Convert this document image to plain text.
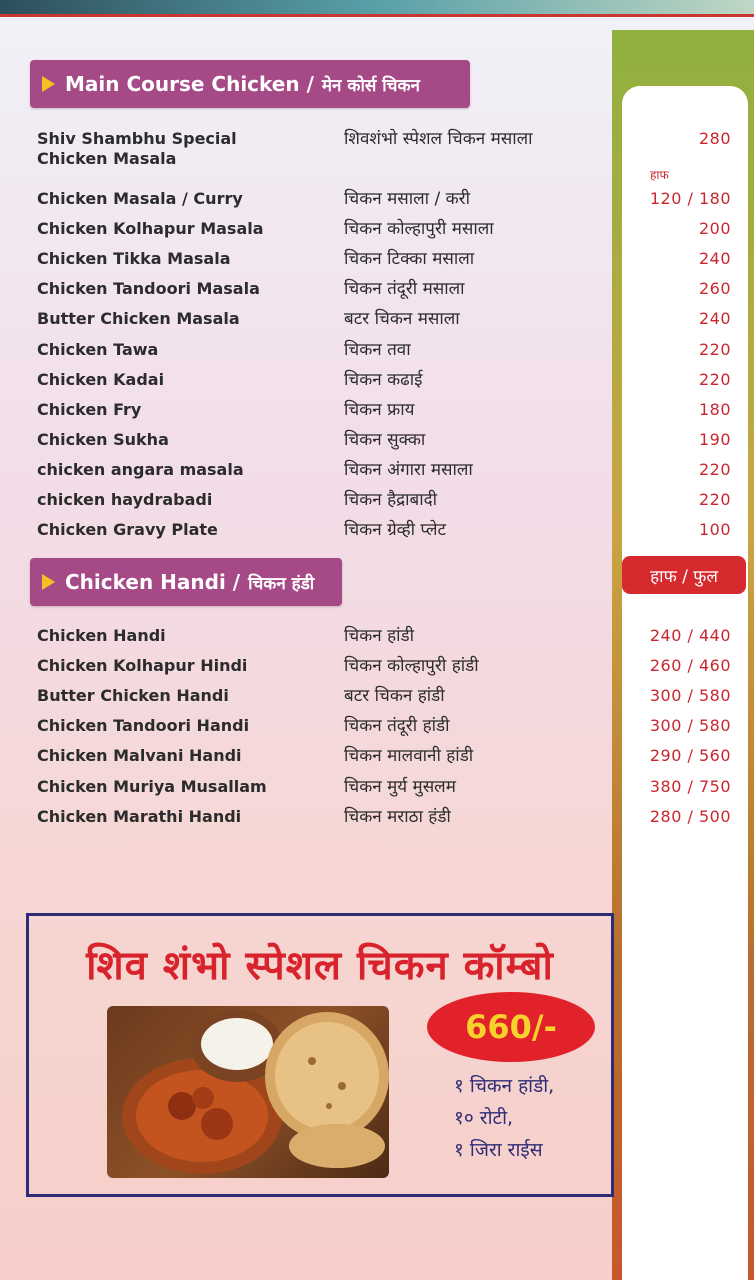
Main Course Chicken / मेन कोर्स चिकन
हाफ
Shiv Shambhu Special
Chicken Masala
शिवशंभो स्पेशल चिकन मसाला	280
Chicken Masala / Curry	चिकन मसाला / करी	120 / 180
Chicken Kolhapur Masala	चिकन कोल्हापुरी मसाला	200
Chicken Tikka Masala	चिकन टिक्का मसाला	240
Chicken Tandoori Masala	चिकन तंदूरी मसाला	260
Butter Chicken Masala	बटर चिकन मसाला	240
Chicken Tawa	चिकन तवा	220
Chicken Kadai	चिकन कढाई	220
Chicken Fry	चिकन फ्राय	180
Chicken Sukha	चिकन सुक्का	190
chicken angara masala	चिकन अंगारा मसाला	220
chicken haydrabadi	चिकन हैद्राबादी	220
Chicken Gravy Plate	चिकन ग्रेव्ही प्लेट	100
Chicken Handi / चिकन हंडी	हाफ / फुल
Chicken Handi	चिकन हांडी	240 / 440
Chicken Kolhapur Hindi	चिकन कोल्हापुरी हांडी	260 / 460
Butter Chicken Handi	बटर चिकन हांडी	300 / 580
Chicken Tandoori Handi	चिकन तंदूरी हांडी	300 / 580
Chicken Malvani Handi	चिकन मालवानी हांडी	290 / 560
Chicken Muriya Musallam	चिकन मुर्य मुसलम	380 / 750
Chicken Marathi Handi	चिकन मराठा हंडी	280 / 500
शिव शंभो स्पेशल चिकन कॉम्बो
660/-
१ चिकन हांडी,
१० रोटी,
१ जिरा राईस
